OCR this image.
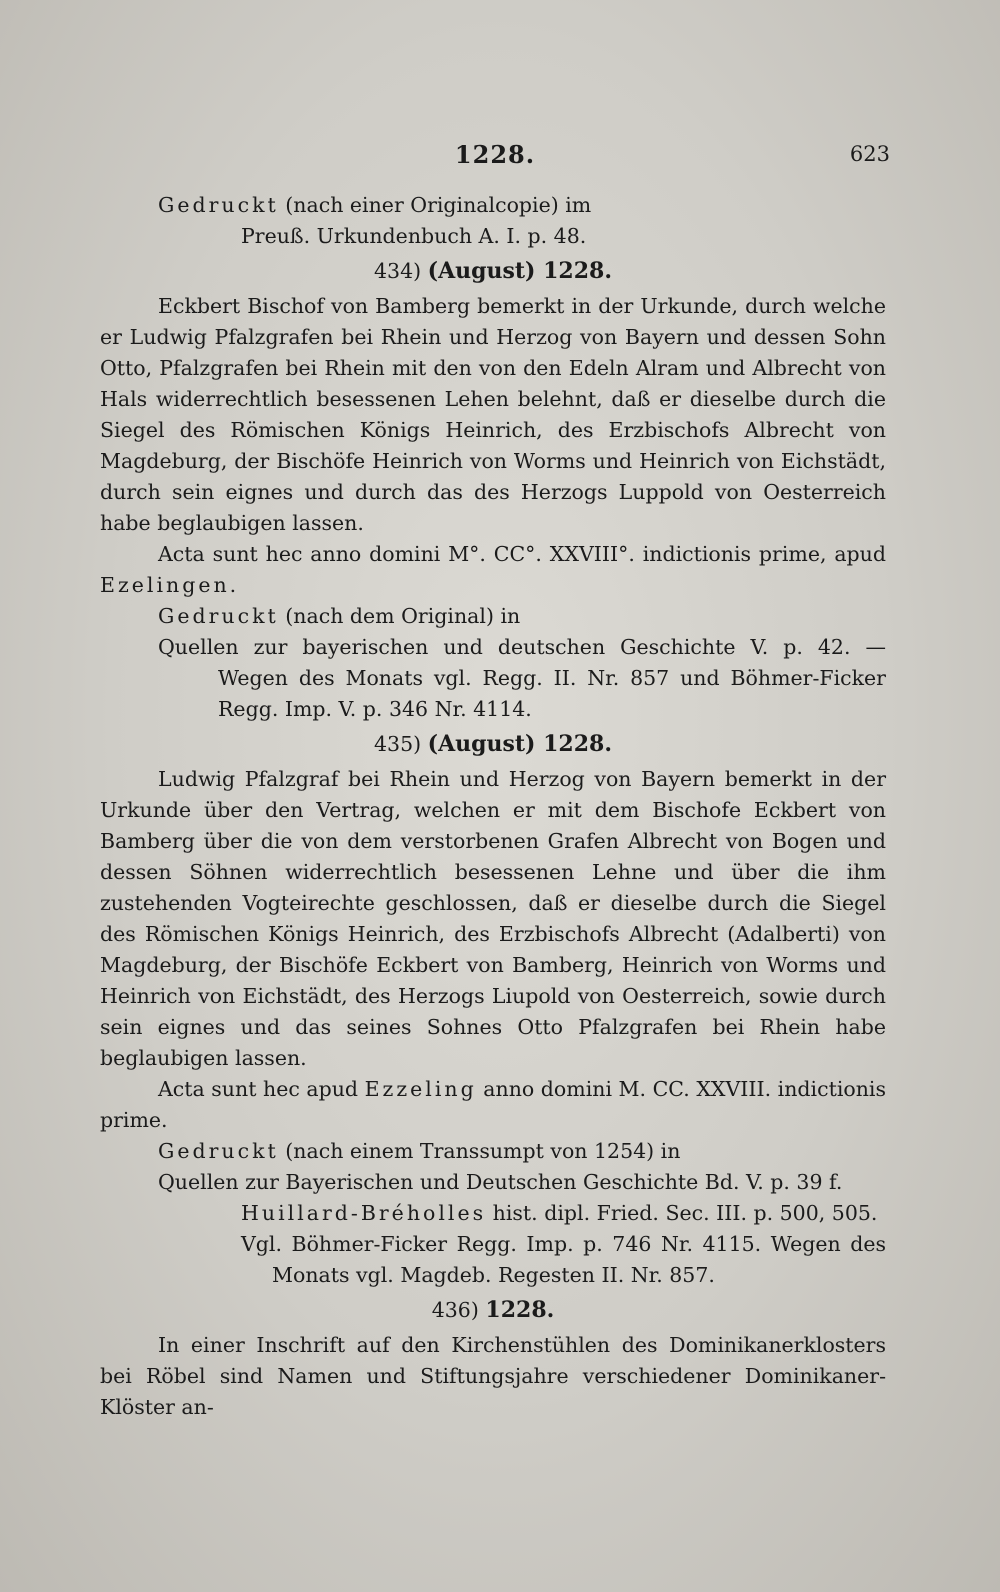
1228.	623

Gedruckt (nach einer Originalcopie) im

Preuß. Urkundenbuch A. I. p. 48.

434) (August) 1228.

Eckbert Bischof von Bamberg bemerkt in der Urkunde, durch welche er Ludwig Pfalzgrafen bei Rhein und Herzog von Bayern und dessen Sohn Otto, Pfalzgrafen bei Rhein mit den von den Edeln Alram und Albrecht von Hals widerrechtlich besessenen Lehen belehnt, daß er dieselbe durch die Siegel des Römischen Königs Heinrich, des Erzbischofs Albrecht von Magdeburg, der Bischöfe Heinrich von Worms und Heinrich von Eichstädt, durch sein eignes und durch das des Herzogs Luppold von Oesterreich habe beglaubigen lassen.

Acta sunt hec anno domini M°. CC°. XXVIII°. indictionis prime, apud Ezelingen.

Gedruckt (nach dem Original) in

Quellen zur bayerischen und deutschen Geschichte V. p. 42. — Wegen des Monats vgl. Regg. II. Nr. 857 und Böhmer-Ficker Regg. Imp. V. p. 346 Nr. 4114.

435) (August) 1228.

Ludwig Pfalzgraf bei Rhein und Herzog von Bayern bemerkt in der Urkunde über den Vertrag, welchen er mit dem Bischofe Eckbert von Bamberg über die von dem verstorbenen Grafen Albrecht von Bogen und dessen Söhnen widerrechtlich besessenen Lehne und über die ihm zustehenden Vogteirechte geschlossen, daß er dieselbe durch die Siegel des Römischen Königs Heinrich, des Erzbischofs Albrecht (Adalberti) von Magdeburg, der Bischöfe Eckbert von Bamberg, Heinrich von Worms und Heinrich von Eichstädt, des Herzogs Liupold von Oesterreich, sowie durch sein eignes und das seines Sohnes Otto Pfalzgrafen bei Rhein habe beglaubigen lassen.

Acta sunt hec apud Ezzeling anno domini M. CC. XXVIII. indictionis prime.

Gedruckt (nach einem Transsumpt von 1254) in

Quellen zur Bayerischen und Deutschen Geschichte Bd. V. p. 39 f.

Huillard-Bréholles hist. dipl. Fried. Sec. III. p. 500, 505.

Vgl. Böhmer-Ficker Regg. Imp. p. 746 Nr. 4115. Wegen des Monats vgl. Magdeb. Regesten II. Nr. 857.

436) 1228.

In einer Inschrift auf den Kirchenstühlen des Dominikanerklosters bei Röbel sind Namen und Stiftungsjahre verschiedener Dominikaner-Klöster an-
